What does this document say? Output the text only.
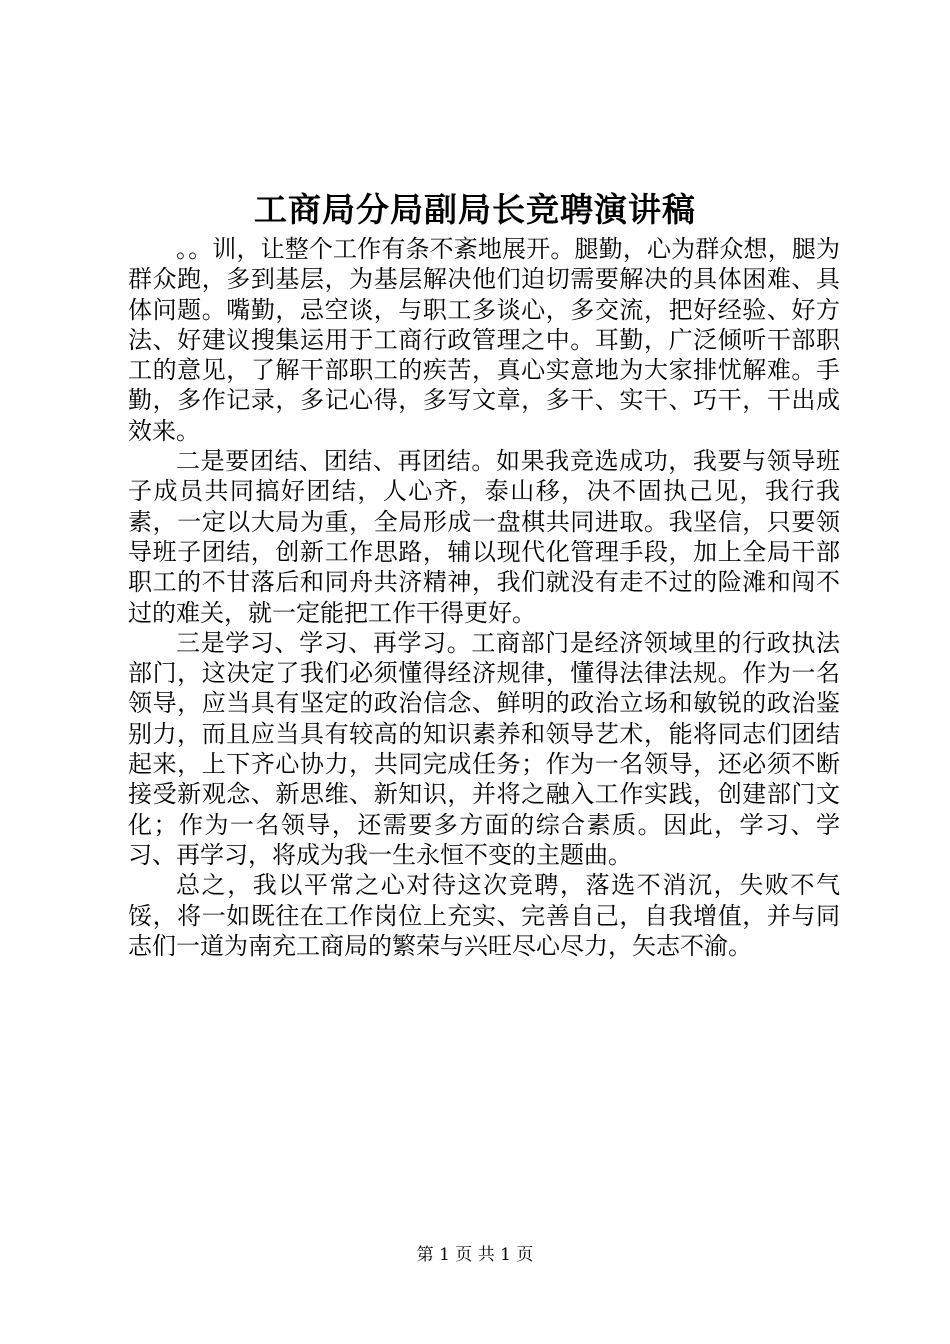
工商局分局副局长竞聘演讲稿

。。训，让整个工作有条不紊地展开。腿勤，心为群众想，腿为群众跑，多到基层，为基层解决他们迫切需要解决的具体困难、具体问题。嘴勤，忌空谈，与职工多谈心，多交流，把好经验、好方法、好建议搜集运用于工商行政管理之中。耳勤，广泛倾听干部职工的意见，了解干部职工的疾苦，真心实意地为大家排忧解难。手勤，多作记录，多记心得，多写文章，多干、实干、巧干，干出成效来。

二是要团结、团结、再团结。如果我竞选成功，我要与领导班子成员共同搞好团结，人心齐，泰山移，决不固执己见，我行我素，一定以大局为重，全局形成一盘棋共同进取。我坚信，只要领导班子团结，创新工作思路，辅以现代化管理手段，加上全局干部职工的不甘落后和同舟共济精神，我们就没有走不过的险滩和闯不过的难关，就一定能把工作干得更好。

三是学习、学习、再学习。工商部门是经济领域里的行政执法部门，这决定了我们必须懂得经济规律，懂得法律法规。作为一名领导，应当具有坚定的政治信念、鲜明的政治立场和敏锐的政治鉴别力，而且应当具有较高的知识素养和领导艺术，能将同志们团结起来，上下齐心协力，共同完成任务；作为一名领导，还必须不断接受新观念、新思维、新知识，并将之融入工作实践，创建部门文化；作为一名领导，还需要多方面的综合素质。因此，学习、学习、再学习，将成为我一生永恒不变的主题曲。

总之，我以平常之心对待这次竞聘，落选不消沉，失败不气馁，将一如既往在工作岗位上充实、完善自己，自我增值，并与同志们一道为南充工商局的繁荣与兴旺尽心尽力，矢志不渝。

第 1 页 共 1 页
